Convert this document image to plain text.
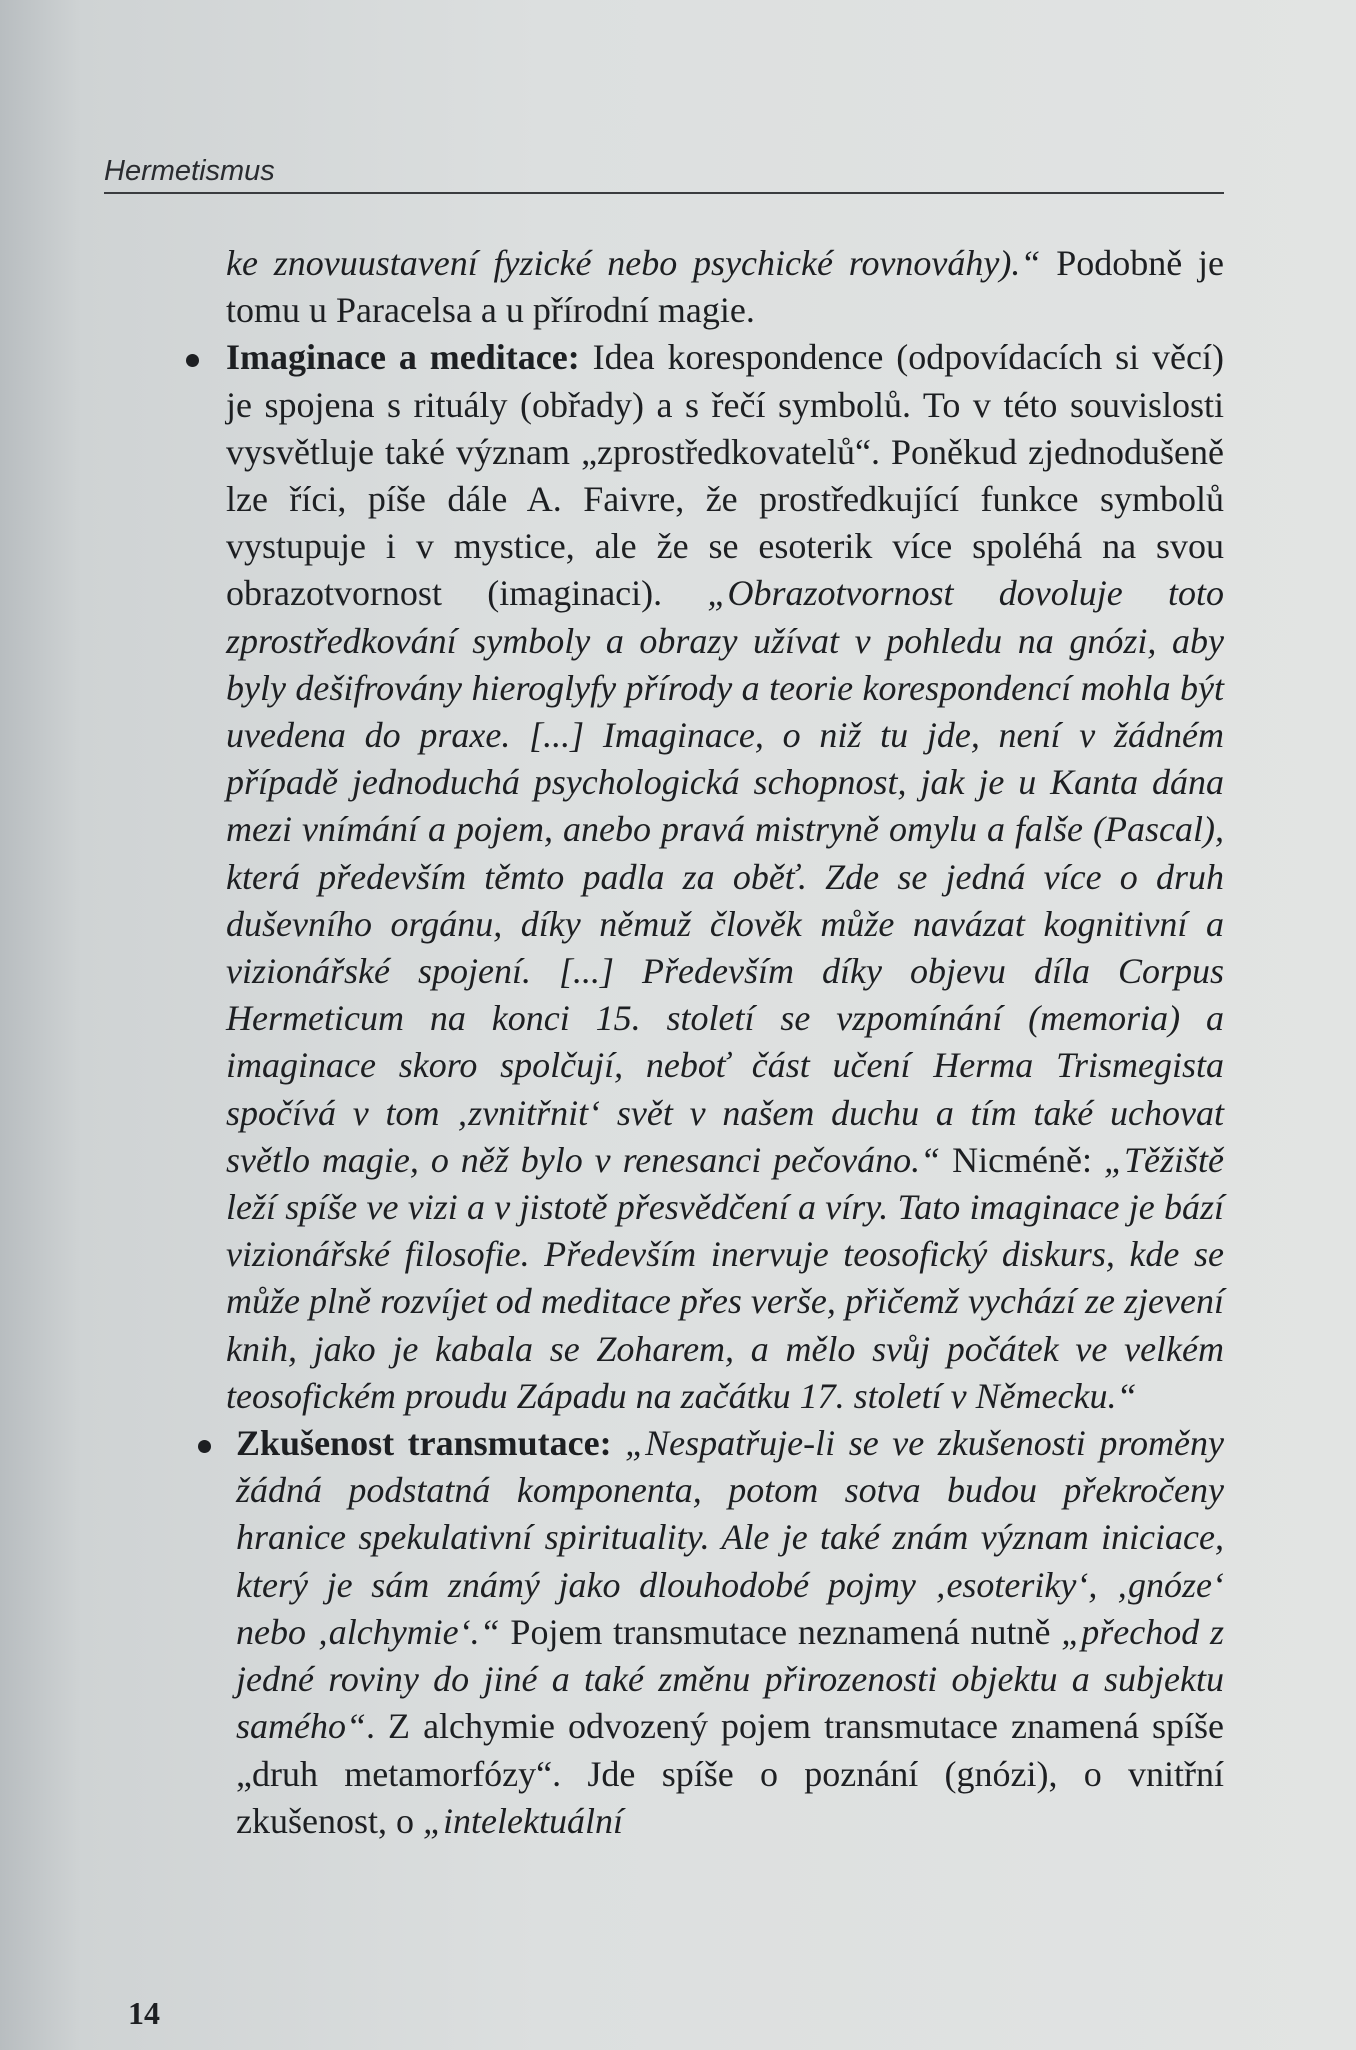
Hermetismus

ke znovuustavení fyzické nebo psychické rovnováhy).“ Podobně je tomu u Paracelsa a u přírodní magie.

Imaginace a meditace: Idea korespondence (odpovídacích si věcí) je spojena s rituály (obřady) a s řečí symbolů. To v této souvislosti vysvětluje také význam „zprostředkovatelů“. Poněkud zjednodušeně lze říci, píše dále A. Faivre, že prostředkující funkce symbolů vystupuje i v mystice, ale že se esoterik více spoléhá na svou obrazotvornost (imaginaci). „Obrazotvornost dovoluje toto zprostředkování symboly a obrazy užívat v pohledu na gnózi, aby byly dešifrovány hieroglyfy přírody a teorie korespondencí mohla být uvedena do praxe. [...] Imaginace, o niž tu jde, není v žádném případě jednoduchá psychologická schopnost, jak je u Kanta dána mezi vnímání a pojem, anebo pravá mistryně omylu a falše (Pascal), která především těmto padla za oběť. Zde se jedná více o druh duševního orgánu, díky němuž člověk může navázat kognitivní a vizionářské spojení. [...] Především díky objevu díla Corpus Hermeticum na konci 15. století se vzpomínání (memoria) a imaginace skoro spolčují, neboť část učení Herma Trismegista spočívá v tom ‚zvnitřnit‘ svět v našem duchu a tím také uchovat světlo magie, o něž bylo v renesanci pečováno.“ Nicméně: „Těžiště leží spíše ve vizi a v jistotě přesvědčení a víry. Tato imaginace je bází vizionářské filosofie. Především inervuje teosofický diskurs, kde se může plně rozvíjet od meditace přes verše, přičemž vychází ze zjevení knih, jako je kabala se Zoharem, a mělo svůj počátek ve velkém teosofickém proudu Západu na začátku 17. století v Německu.“

Zkušenost transmutace: „Nespatřuje-li se ve zkušenosti proměny žádná podstatná komponenta, potom sotva budou překročeny hranice spekulativní spirituality. Ale je také znám význam iniciace, který je sám známý jako dlouhodobé pojmy ‚esoteriky‘, ‚gnóze‘ nebo ‚alchymie‘.“ Pojem transmutace neznamená nutně „přechod z jedné roviny do jiné a také změnu přirozenosti objektu a subjektu samého“. Z alchymie odvozený pojem transmutace znamená spíše „druh metamorfózy“. Jde spíše o poznání (gnózi), o vnitřní zkušenost, o „intelektuální

14
